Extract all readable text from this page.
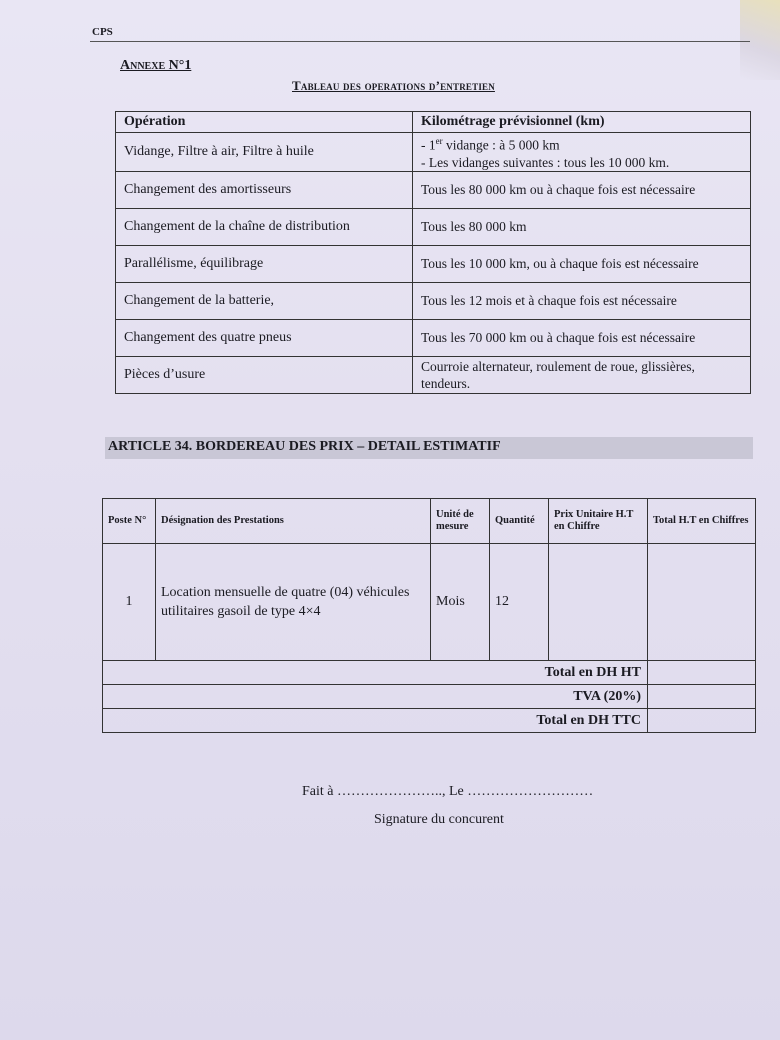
CPS
Annexe N°1
Tableau des operations d’entretien
Opération	Kilométrage prévisionnel (km)
Vidange, Filtre à air, Filtre à huile	- 1er vidange : à 5 000 km
- Les vidanges suivantes : tous les 10 000 km.

Changement des amortisseurs	Tous les 80 000 km ou à chaque fois est nécessaire
Changement de la chaîne de distribution	Tous les 80 000 km
Parallélisme, équilibrage	Tous les 10 000 km, ou à chaque fois est nécessaire
Changement de la batterie,	Tous les 12 mois et à chaque fois est nécessaire
Changement des quatre pneus	Tous les 70 000 km ou à chaque fois est nécessaire
Pièces d’usure	Courroie alternateur, roulement de roue, glissières, tendeurs.
ARTICLE 34. BORDEREAU DES PRIX – DETAIL ESTIMATIF
Poste N°	Désignation des Prestations	Unité de mesure	Quantité	Prix Unitaire H.T en Chiffre	Total H.T en Chiffres
1	Location mensuelle de quatre (04) véhicules utilitaires gasoil de type 4×4	Mois	12		
Total en DH HT					
TVA (20%)					
Total en DH TTC					
Fait à ………………….., Le ………………………
Signature du concurent
